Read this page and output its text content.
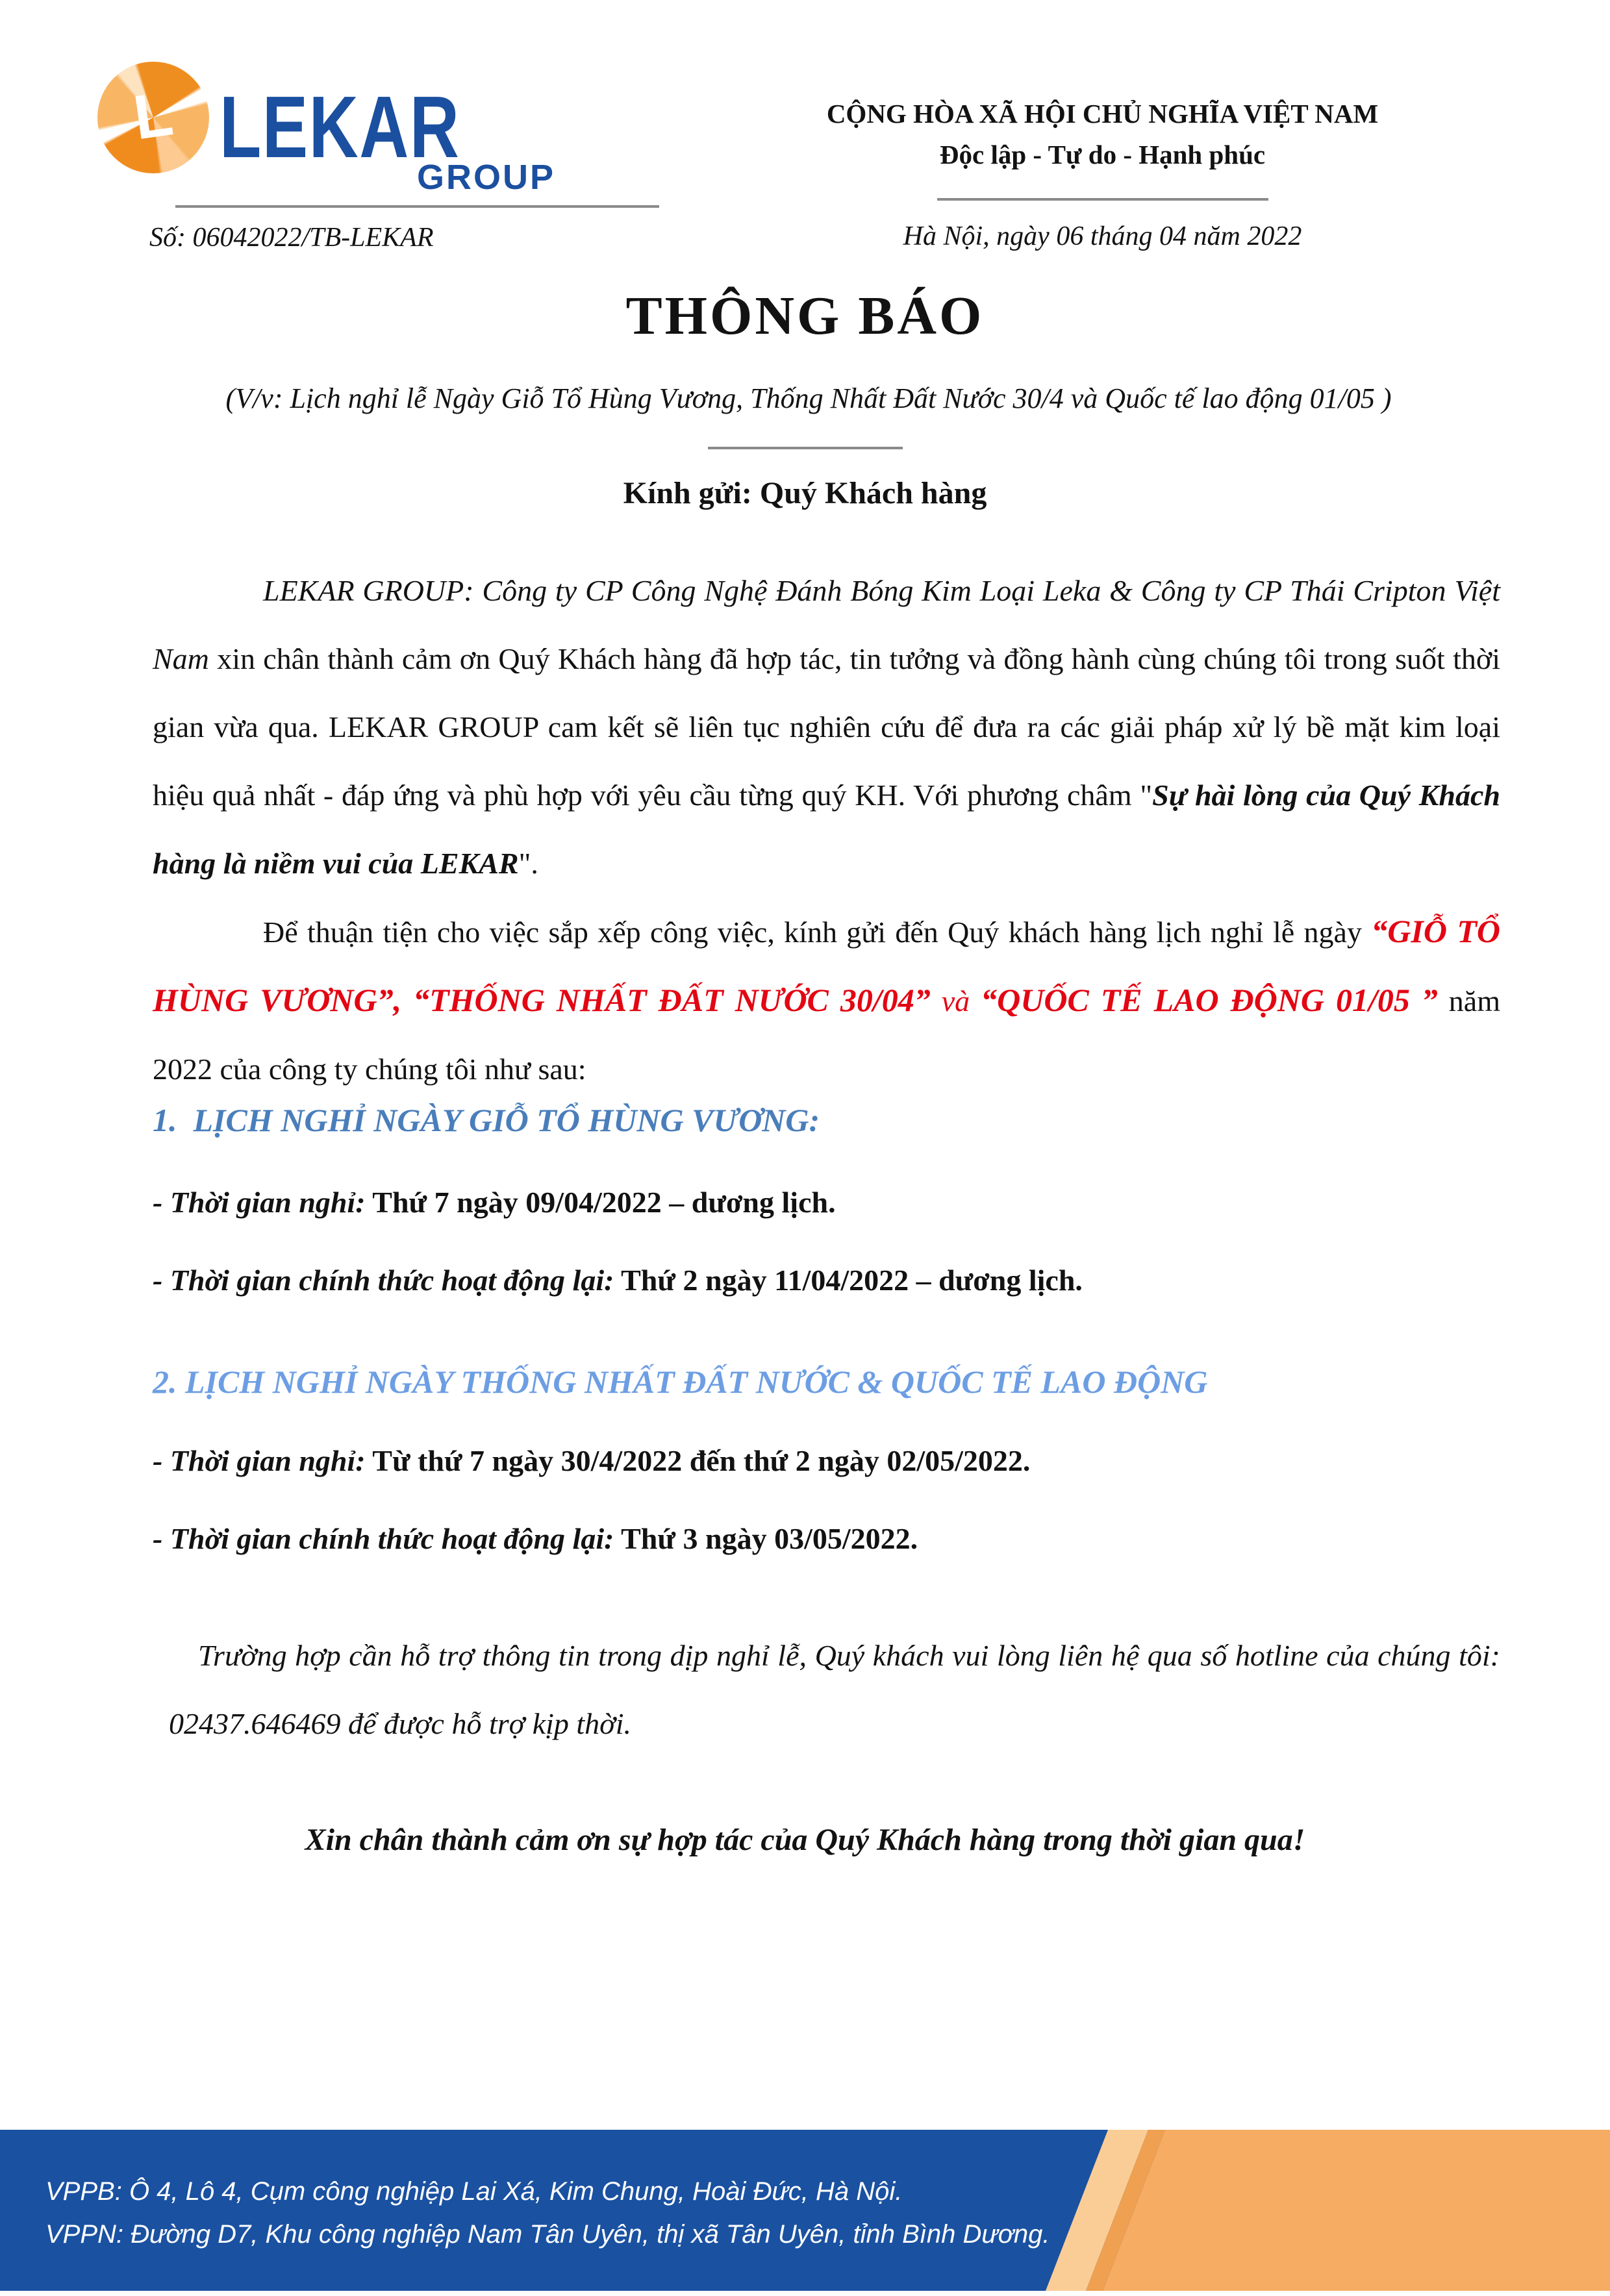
L LEKAR
GROUP
Số: 06042022/TB-LEKAR
CỘNG HÒA XÃ HỘI CHỦ NGHĨA VIỆT NAM
Độc lập - Tự do - Hạnh phúc
Hà Nội, ngày 06 tháng 04 năm 2022
THÔNG BÁO
(V/v: Lịch nghỉ lễ Ngày Giỗ Tổ Hùng Vương, Thống Nhất Đất Nước 30/4 và Quốc tế lao động 01/05 )
Kính gửi: Quý Khách hàng

LEKAR GROUP: Công ty CP Công Nghệ Đánh Bóng Kim Loại Leka & Công ty CP Thái Cripton Việt Nam xin chân thành cảm ơn Quý Khách hàng đã hợp tác, tin tưởng và đồng hành cùng chúng tôi trong suốt thời gian vừa qua. LEKAR GROUP cam kết sẽ liên tục nghiên cứu để đưa ra các giải pháp xử lý bề mặt kim loại hiệu quả nhất - đáp ứng và phù hợp với yêu cầu từng quý KH. Với phương châm "Sự hài lòng của Quý Khách hàng là niềm vui của LEKAR".

Để thuận tiện cho việc sắp xếp công việc, kính gửi đến Quý khách hàng lịch nghỉ lễ ngày “GIỖ TỔ HÙNG VƯƠNG”, “THỐNG NHẤT ĐẤT NƯỚC 30/04” và “QUỐC TẾ LAO ĐỘNG 01/05 ” năm 2022 của công ty chúng tôi như sau:

1.  LỊCH NGHỈ NGÀY GIỖ TỔ HÙNG VƯƠNG:
- Thời gian nghỉ: Thứ 7 ngày 09/04/2022 – dương lịch.
- Thời gian chính thức hoạt động lại: Thứ 2 ngày 11/04/2022 – dương lịch.
2. LỊCH NGHỈ NGÀY THỐNG NHẤT ĐẤT NƯỚC & QUỐC TẾ LAO ĐỘNG
- Thời gian nghỉ: Từ thứ 7 ngày 30/4/2022 đến thứ 2 ngày 02/05/2022.
- Thời gian chính thức hoạt động lại: Thứ 3 ngày 03/05/2022.

Trường hợp cần hỗ trợ thông tin trong dịp nghỉ lễ, Quý khách vui lòng liên hệ qua số hotline của chúng tôi: 02437.646469 để được hỗ trợ kịp thời.

Xin chân thành cảm ơn sự hợp tác của Quý Khách hàng trong thời gian qua!
VPPB: Ô 4, Lô 4, Cụm công nghiệp Lai Xá, Kim Chung, Hoài Đức, Hà Nội.
VPPN: Đường D7, Khu công nghiệp Nam Tân Uyên, thị xã Tân Uyên, tỉnh Bình Dương.
